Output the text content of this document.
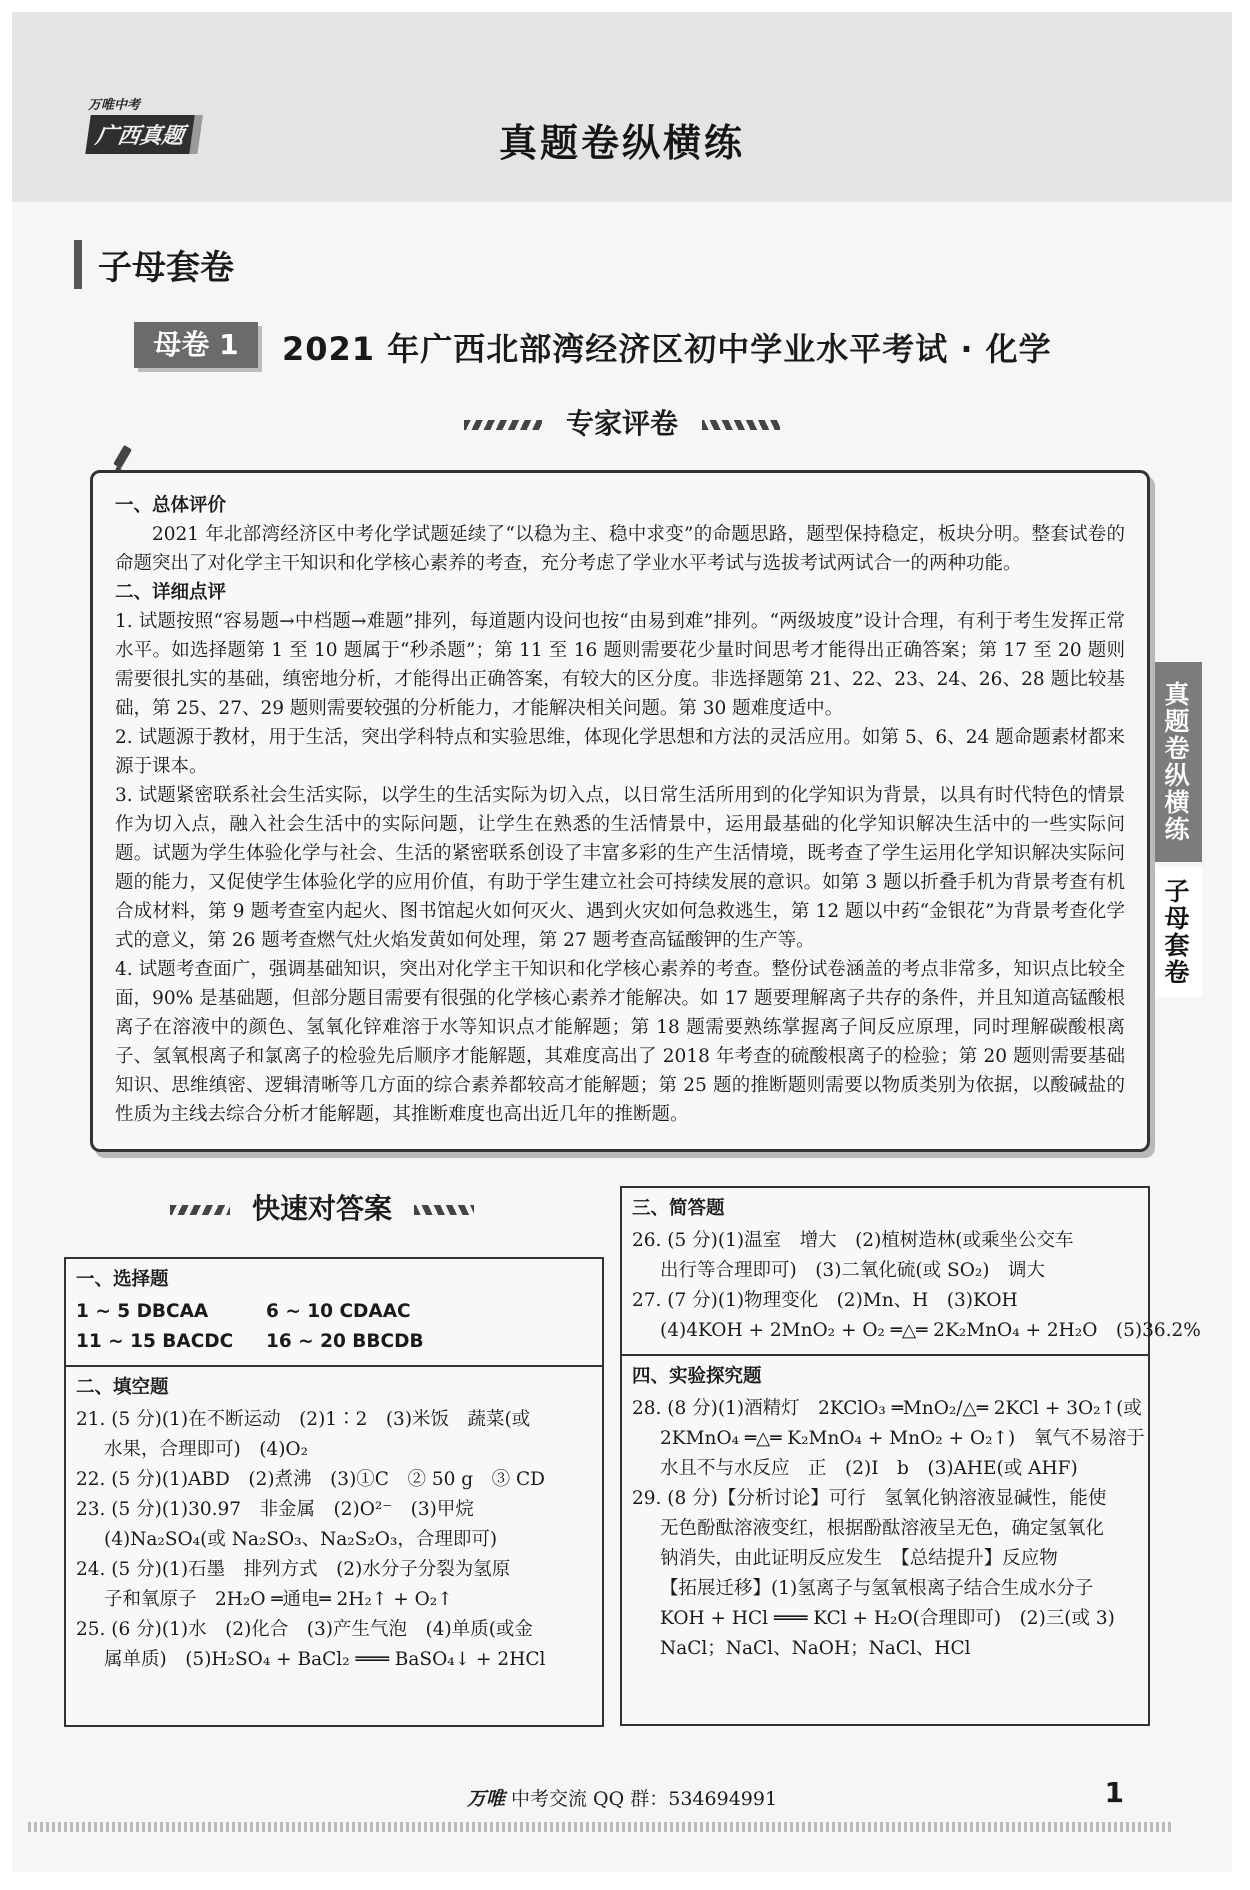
万唯中考
广西真题	真题卷纵横练
真题卷纵横练
子母套卷
子母套卷
母卷 1	2021 年广西北部湾经济区初中学业水平考试 · 化学
专家评卷
一、总体评价

2021 年北部湾经济区中考化学试题延续了“以稳为主、稳中求变”的命题思路，题型保持稳定，板块分明。整套试卷的命题突出了对化学主干知识和化学核心素养的考查，充分考虑了学业水平考试与选拔考试两试合一的两种功能。

二、详细点评

1. 试题按照“容易题→中档题→难题”排列，每道题内设问也按“由易到难”排列。“两级坡度”设计合理，有利于考生发挥正常水平。如选择题第 1 至 10 题属于“秒杀题”；第 11 至 16 题则需要花少量时间思考才能得出正确答案；第 17 至 20 题则需要很扎实的基础，缜密地分析，才能得出正确答案，有较大的区分度。非选择题第 21、22、23、24、26、28 题比较基础，第 25、27、29 题则需要较强的分析能力，才能解决相关问题。第 30 题难度适中。

2. 试题源于教材，用于生活，突出学科特点和实验思维，体现化学思想和方法的灵活应用。如第 5、6、24 题命题素材都来源于课本。

3. 试题紧密联系社会生活实际，以学生的生活实际为切入点，以日常生活所用到的化学知识为背景，以具有时代特色的情景作为切入点，融入社会生活中的实际问题，让学生在熟悉的生活情景中，运用最基础的化学知识解决生活中的一些实际问题。试题为学生体验化学与社会、生活的紧密联系创设了丰富多彩的生产生活情境，既考查了学生运用化学知识解决实际问题的能力，又促使学生体验化学的应用价值，有助于学生建立社会可持续发展的意识。如第 3 题以折叠手机为背景考查有机合成材料，第 9 题考查室内起火、图书馆起火如何灭火、遇到火灾如何急救逃生，第 12 题以中药“金银花”为背景考查化学式的意义，第 26 题考查燃气灶火焰发黄如何处理，第 27 题考查高锰酸钾的生产等。

4. 试题考查面广，强调基础知识，突出对化学主干知识和化学核心素养的考查。整份试卷涵盖的考点非常多，知识点比较全面，90% 是基础题，但部分题目需要有很强的化学核心素养才能解决。如 17 题要理解离子共存的条件，并且知道高锰酸根离子在溶液中的颜色、氢氧化锌难溶于水等知识点才能解题；第 18 题需要熟练掌握离子间反应原理，同时理解碳酸根离子、氢氧根离子和氯离子的检验先后顺序才能解题，其难度高出了 2018 年考查的硫酸根离子的检验；第 20 题则需要基础知识、思维缜密、逻辑清晰等几方面的综合素养都较高才能解题；第 25 题的推断题则需要以物质类别为依据，以酸碱盐的性质为主线去综合分析才能解题，其推断难度也高出近几年的推断题。

快速对答案
一、选择题
1 ~ 5 DBCAA	6 ~ 10 CDAAC
11 ~ 15 BACDC	16 ~ 20 BBCDB
二、填空题
21. (5 分)(1)在不断运动　(2)1∶2　(3)米饭　蔬菜(或
水果，合理即可)　(4)O₂
22. (5 分)(1)ABD　(2)煮沸　(3)①C　② 50 g　③ CD
23. (5 分)(1)30.97　非金属　(2)O²⁻　(3)甲烷
(4)Na₂SO₄(或 Na₂SO₃、Na₂S₂O₃，合理即可)
24. (5 分)(1)石墨　排列方式　(2)水分子分裂为氢原
子和氧原子　2H₂O ═通电═ 2H₂↑ + O₂↑
25. (6 分)(1)水　(2)化合　(3)产生气泡　(4)单质(或金
属单质)　(5)H₂SO₄ + BaCl₂ ═══ BaSO₄↓ + 2HCl
三、简答题
26. (5 分)(1)温室　增大　(2)植树造林(或乘坐公交车
出行等合理即可)　(3)二氧化硫(或 SO₂)　调大
27. (7 分)(1)物理变化　(2)Mn、H　(3)KOH
(4)4KOH + 2MnO₂ + O₂ ═△═ 2K₂MnO₄ + 2H₂O　(5)36.2%
四、实验探究题
28. (8 分)(1)酒精灯　2KClO₃ ═MnO₂/△═ 2KCl + 3O₂↑(或
2KMnO₄ ═△═ K₂MnO₄ + MnO₂ + O₂↑)　氧气不易溶于
水且不与水反应　正　(2)I　b　(3)AHE(或 AHF)
29. (8 分)【分析讨论】可行　氢氧化钠溶液显碱性，能使
无色酚酞溶液变红，根据酚酞溶液呈无色，确定氢氧化
钠消失，由此证明反应发生　【总结提升】反应物
【拓展迁移】(1)氢离子与氢氧根离子结合生成水分子
KOH + HCl ═══ KCl + H₂O(合理即可)　(2)三(或 3)
NaCl；NaCl、NaOH；NaCl、HCl
万唯 中考交流 QQ 群：534694991	1
